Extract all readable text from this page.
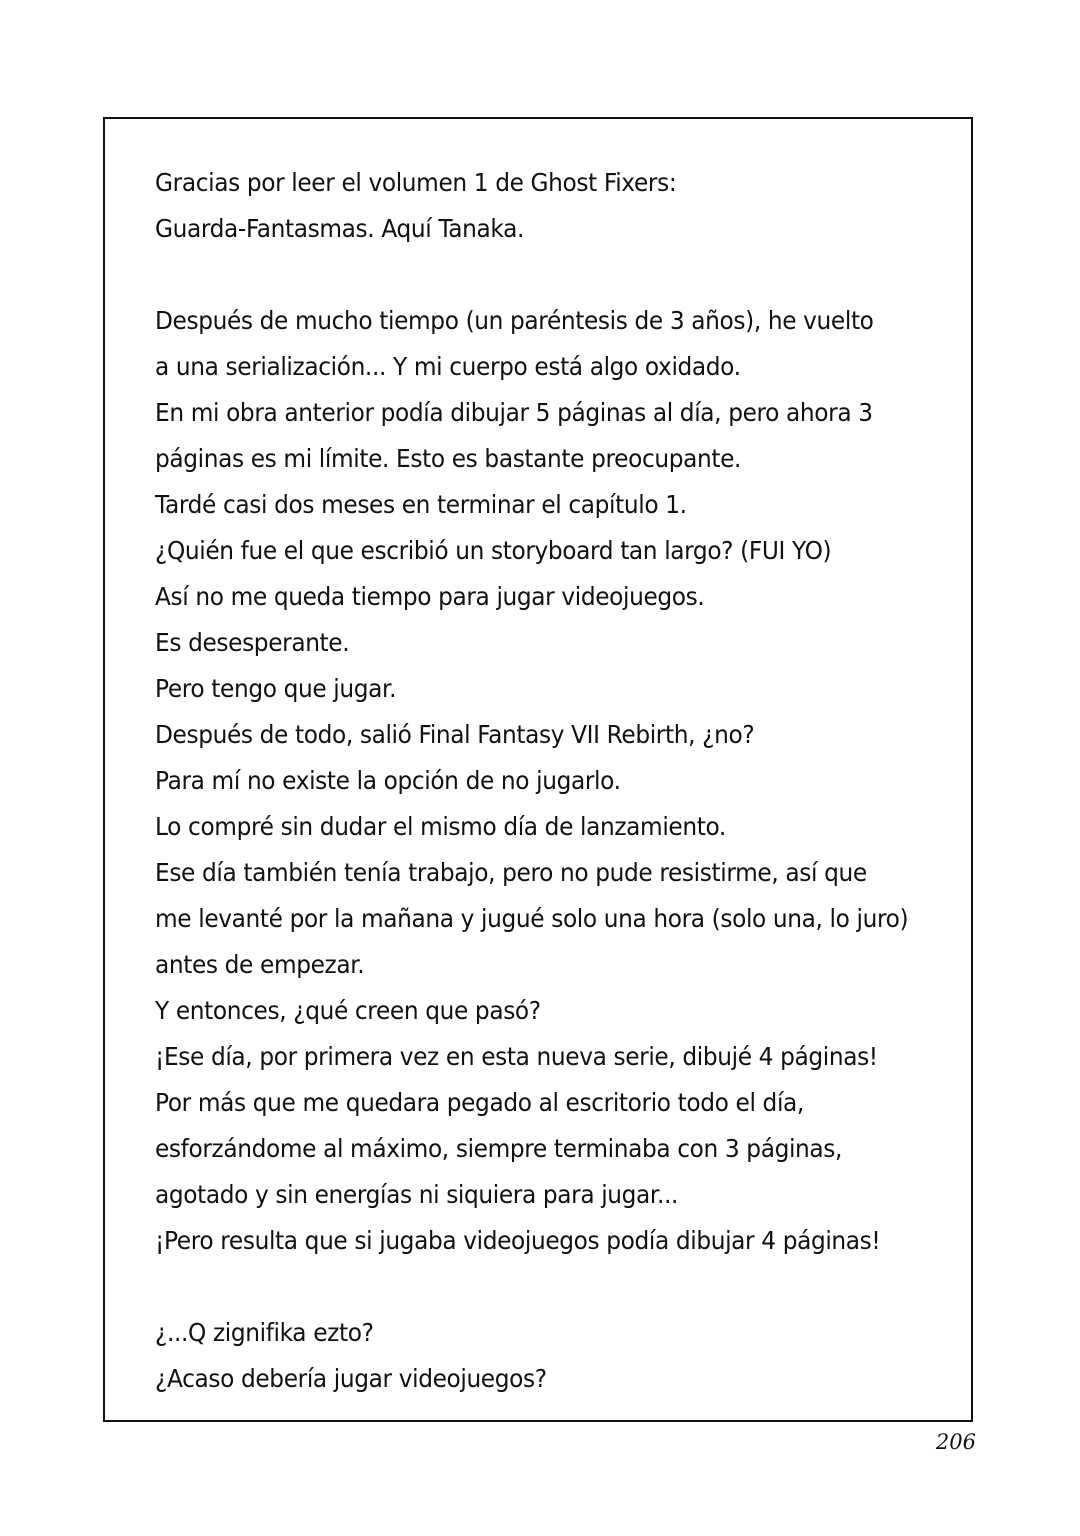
Gracias por leer el volumen 1 de Ghost Fixers:
Guarda-Fantasmas. Aquí Tanaka.
Después de mucho tiempo (un paréntesis de 3 años), he vuelto
a una serialización... Y mi cuerpo está algo oxidado.
En mi obra anterior podía dibujar 5 páginas al día, pero ahora 3
páginas es mi límite. Esto es bastante preocupante.
Tardé casi dos meses en terminar el capítulo 1.
¿Quién fue el que escribió un storyboard tan largo? (FUI YO)
Así no me queda tiempo para jugar videojuegos.
Es desesperante.
Pero tengo que jugar.
Después de todo, salió Final Fantasy VII Rebirth, ¿no?
Para mí no existe la opción de no jugarlo.
Lo compré sin dudar el mismo día de lanzamiento.
Ese día también tenía trabajo, pero no pude resistirme, así que
me levanté por la mañana y jugué solo una hora (solo una, lo juro)
antes de empezar.
Y entonces, ¿qué creen que pasó?
¡Ese día, por primera vez en esta nueva serie, dibujé 4 páginas!
Por más que me quedara pegado al escritorio todo el día,
esforzándome al máximo, siempre terminaba con 3 páginas,
agotado y sin energías ni siquiera para jugar...
¡Pero resulta que si jugaba videojuegos podía dibujar 4 páginas!
¿...Q zignifika ezto?
¿Acaso debería jugar videojuegos?
206
